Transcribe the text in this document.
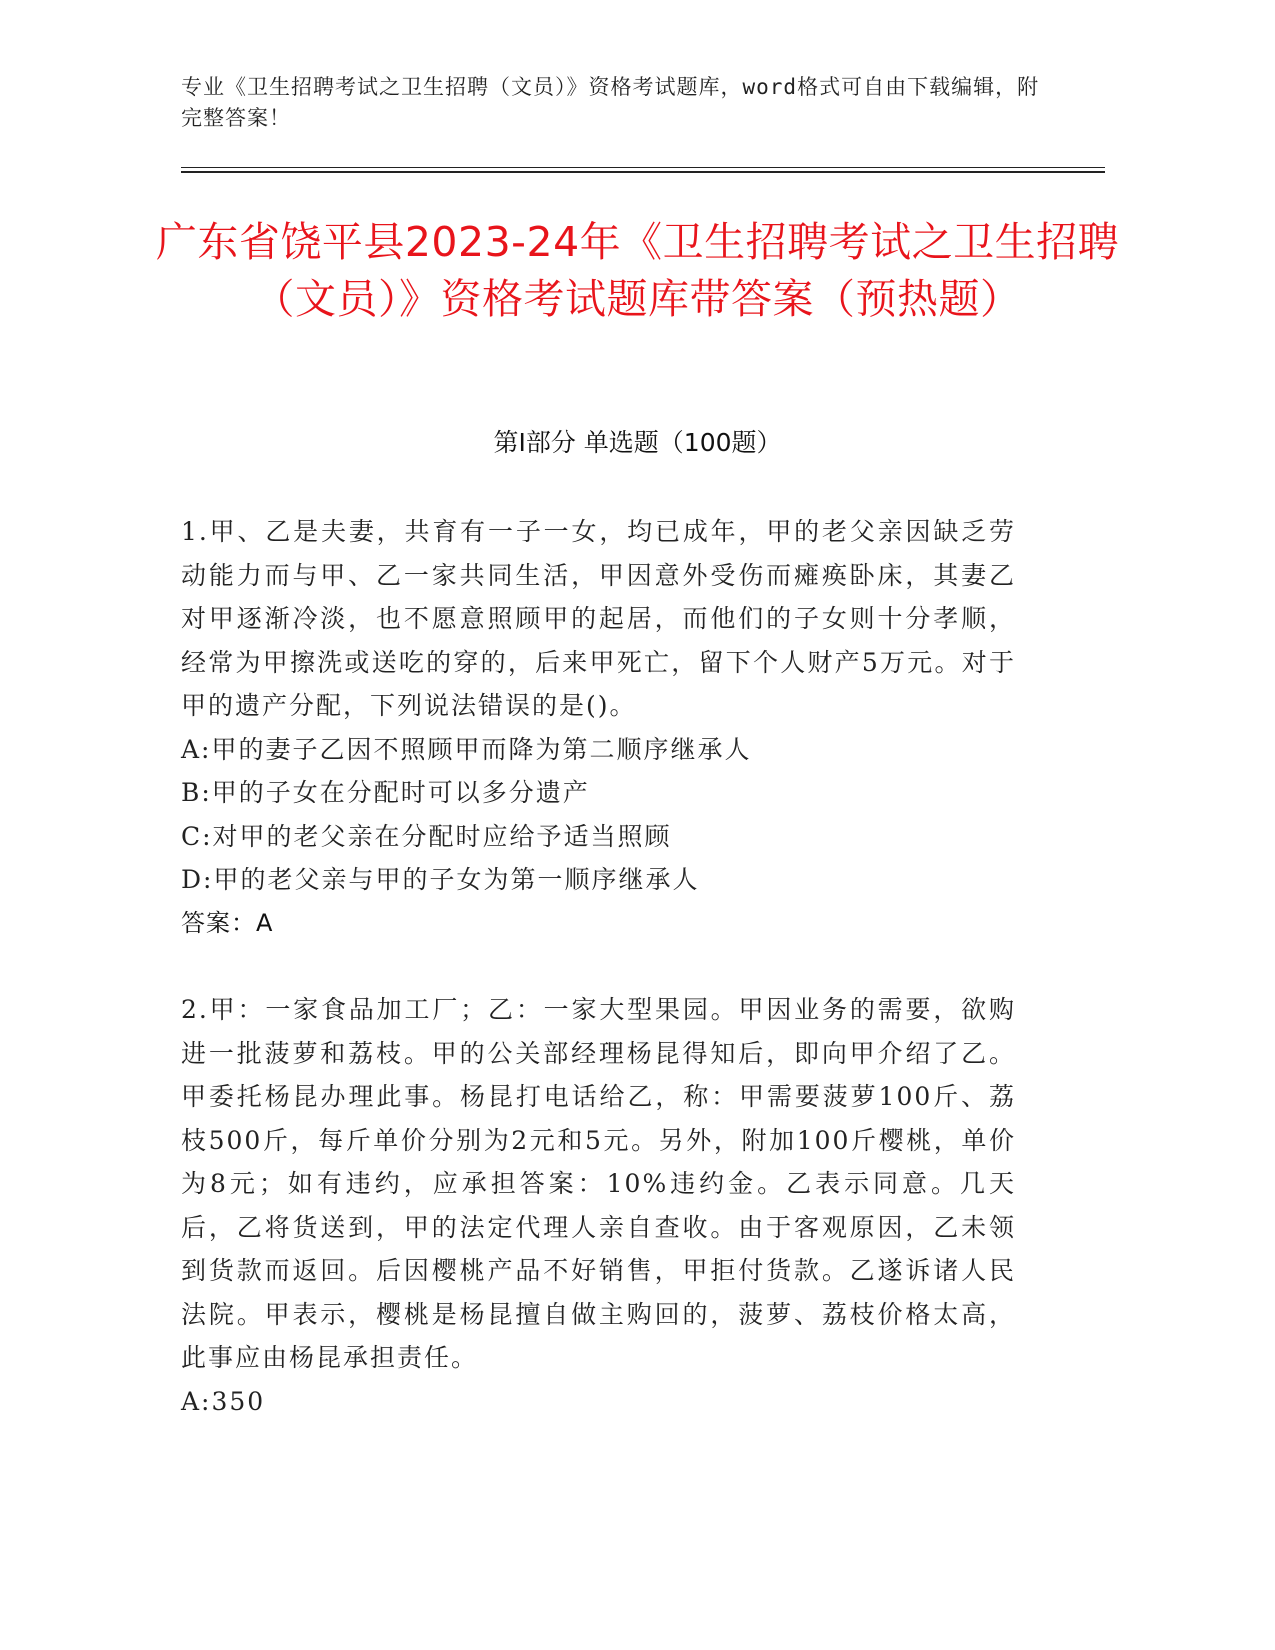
专业《卫生招聘考试之卫生招聘（文员）》资格考试题库，word格式可自由下载编辑，附完整答案！
广东省饶平县2023-24年《卫生招聘考试之卫生招聘（文员）》资格考试题库带答案（预热题）
第Ⅰ部分 单选题（100题）
1.甲、乙是夫妻，共育有一子一女，均已成年，甲的老父亲因缺乏劳动能力而与甲、乙一家共同生活，甲因意外受伤而瘫痪卧床，其妻乙对甲逐渐冷淡，也不愿意照顾甲的起居，而他们的子女则十分孝顺，经常为甲擦洗或送吃的穿的，后来甲死亡，留下个人财产5万元。对于甲的遗产分配，下列说法错误的是()。
A:甲的妻子乙因不照顾甲而降为第二顺序继承人
B:甲的子女在分配时可以多分遗产
C:对甲的老父亲在分配时应给予适当照顾
D:甲的老父亲与甲的子女为第一顺序继承人
答案：A
2.甲：一家食品加工厂；乙：一家大型果园。甲因业务的需要，欲购进一批菠萝和荔枝。甲的公关部经理杨昆得知后，即向甲介绍了乙。甲委托杨昆办理此事。杨昆打电话给乙，称：甲需要菠萝100斤、荔枝500斤，每斤单价分别为2元和5元。另外，附加100斤樱桃，单价为8元；如有违约，应承担答案：10%违约金。乙表示同意。几天后，乙将货送到，甲的法定代理人亲自查收。由于客观原因，乙未领到货款而返回。后因樱桃产品不好销售，甲拒付货款。乙遂诉诸人民法院。甲表示，樱桃是杨昆擅自做主购回的，菠萝、荔枝价格太高，此事应由杨昆承担责任。
A:350
